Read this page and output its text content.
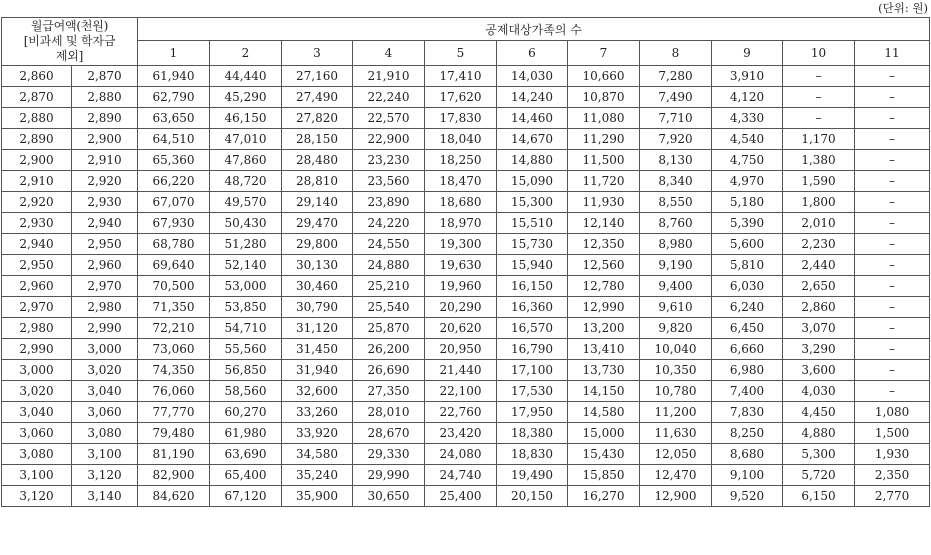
(단위: 원)
월급여액(천원)
[비과세 및 학자금
제외]		공제대상가족의 수										
		1	2	3	4	5	6	7	8	9	10	11
2,860	2,870	61,940	44,440	27,160	21,910	17,410	14,030	10,660	7,280	3,910	–	–
2,870	2,880	62,790	45,290	27,490	22,240	17,620	14,240	10,870	7,490	4,120	–	–
2,880	2,890	63,650	46,150	27,820	22,570	17,830	14,460	11,080	7,710	4,330	–	–
2,890	2,900	64,510	47,010	28,150	22,900	18,040	14,670	11,290	7,920	4,540	1,170	–
2,900	2,910	65,360	47,860	28,480	23,230	18,250	14,880	11,500	8,130	4,750	1,380	–
2,910	2,920	66,220	48,720	28,810	23,560	18,470	15,090	11,720	8,340	4,970	1,590	–
2,920	2,930	67,070	49,570	29,140	23,890	18,680	15,300	11,930	8,550	5,180	1,800	–
2,930	2,940	67,930	50,430	29,470	24,220	18,970	15,510	12,140	8,760	5,390	2,010	–
2,940	2,950	68,780	51,280	29,800	24,550	19,300	15,730	12,350	8,980	5,600	2,230	–
2,950	2,960	69,640	52,140	30,130	24,880	19,630	15,940	12,560	9,190	5,810	2,440	–
2,960	2,970	70,500	53,000	30,460	25,210	19,960	16,150	12,780	9,400	6,030	2,650	–
2,970	2,980	71,350	53,850	30,790	25,540	20,290	16,360	12,990	9,610	6,240	2,860	–
2,980	2,990	72,210	54,710	31,120	25,870	20,620	16,570	13,200	9,820	6,450	3,070	–
2,990	3,000	73,060	55,560	31,450	26,200	20,950	16,790	13,410	10,040	6,660	3,290	–
3,000	3,020	74,350	56,850	31,940	26,690	21,440	17,100	13,730	10,350	6,980	3,600	–
3,020	3,040	76,060	58,560	32,600	27,350	22,100	17,530	14,150	10,780	7,400	4,030	–
3,040	3,060	77,770	60,270	33,260	28,010	22,760	17,950	14,580	11,200	7,830	4,450	1,080
3,060	3,080	79,480	61,980	33,920	28,670	23,420	18,380	15,000	11,630	8,250	4,880	1,500
3,080	3,100	81,190	63,690	34,580	29,330	24,080	18,830	15,430	12,050	8,680	5,300	1,930
3,100	3,120	82,900	65,400	35,240	29,990	24,740	19,490	15,850	12,470	9,100	5,720	2,350
3,120	3,140	84,620	67,120	35,900	30,650	25,400	20,150	16,270	12,900	9,520	6,150	2,770
